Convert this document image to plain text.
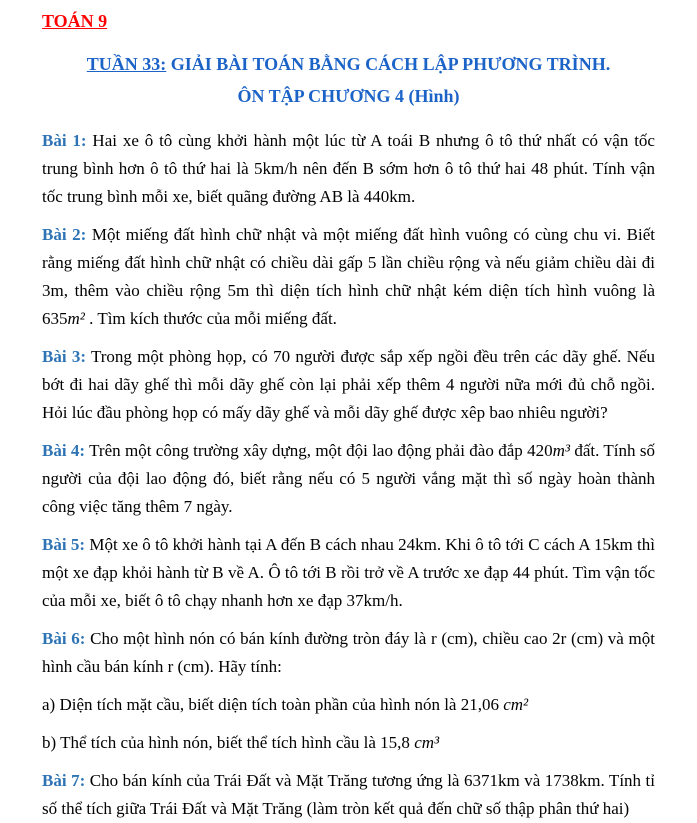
TOÁN 9
TUẦN 33: GIẢI BÀI TOÁN BẰNG CÁCH LẬP PHƯƠNG TRÌNH.
ÔN TẬP CHƯƠNG 4 (Hình)

Bài 1: Hai xe ô tô cùng khởi hành một lúc từ A toái B nhưng ô tô thứ nhất có vận tốc trung bình hơn ô tô thứ hai là 5km/h nên đến B sớm hơn ô tô thứ hai 48 phút. Tính vận tốc trung bình mỗi xe, biết quãng đường AB là 440km.

Bài 2: Một miếng đất hình chữ nhật và một miếng đất hình vuông có cùng chu vi. Biết rằng miếng đất hình chữ nhật có chiều dài gấp 5 lần chiều rộng và nếu giảm chiều dài đi 3m, thêm vào chiều rộng 5m thì diện tích hình chữ nhật kém diện tích hình vuông là 635m² . Tìm kích thước của mỗi miếng đất.

Bài 3: Trong một phòng họp, có 70 người được sắp xếp ngồi đều trên các dãy ghế. Nếu bớt đi hai dãy ghế thì mỗi dãy ghế còn lại phải xếp thêm 4 người nữa mới đủ chỗ ngồi. Hỏi lúc đầu phòng họp có mấy dãy ghế và mỗi dãy ghế được xêp bao nhiêu người?

Bài 4: Trên một công trường xây dựng, một đội lao động phải đào đắp 420m³ đất. Tính số người của đội lao động đó, biết rằng nếu có 5 người vắng mặt thì số ngày hoàn thành công việc tăng thêm 7 ngày.

Bài 5: Một xe ô tô khởi hành tại A đến B cách nhau 24km. Khi ô tô tới C cách A 15km thì một xe đạp khỏi hành từ B về A. Ô tô tới B rồi trở về A trước xe đạp 44 phút. Tìm vận tốc của mỗi xe, biết ô tô chạy nhanh hơn xe đạp 37km/h.

Bài 6: Cho một hình nón có bán kính đường tròn đáy là r (cm), chiều cao 2r (cm) và một hình cầu bán kính r (cm). Hãy tính:

a) Diện tích mặt cầu, biết diện tích toàn phần của hình nón là 21,06 cm²

b) Thể tích của hình nón, biết thể tích hình cầu là 15,8 cm³

Bài 7: Cho bán kính của Trái Đất và Mặt Trăng tương ứng là 6371km và 1738km. Tính tỉ số thể tích giữa Trái Đất và Mặt Trăng (làm tròn kết quả đến chữ số thập phân thứ hai)
